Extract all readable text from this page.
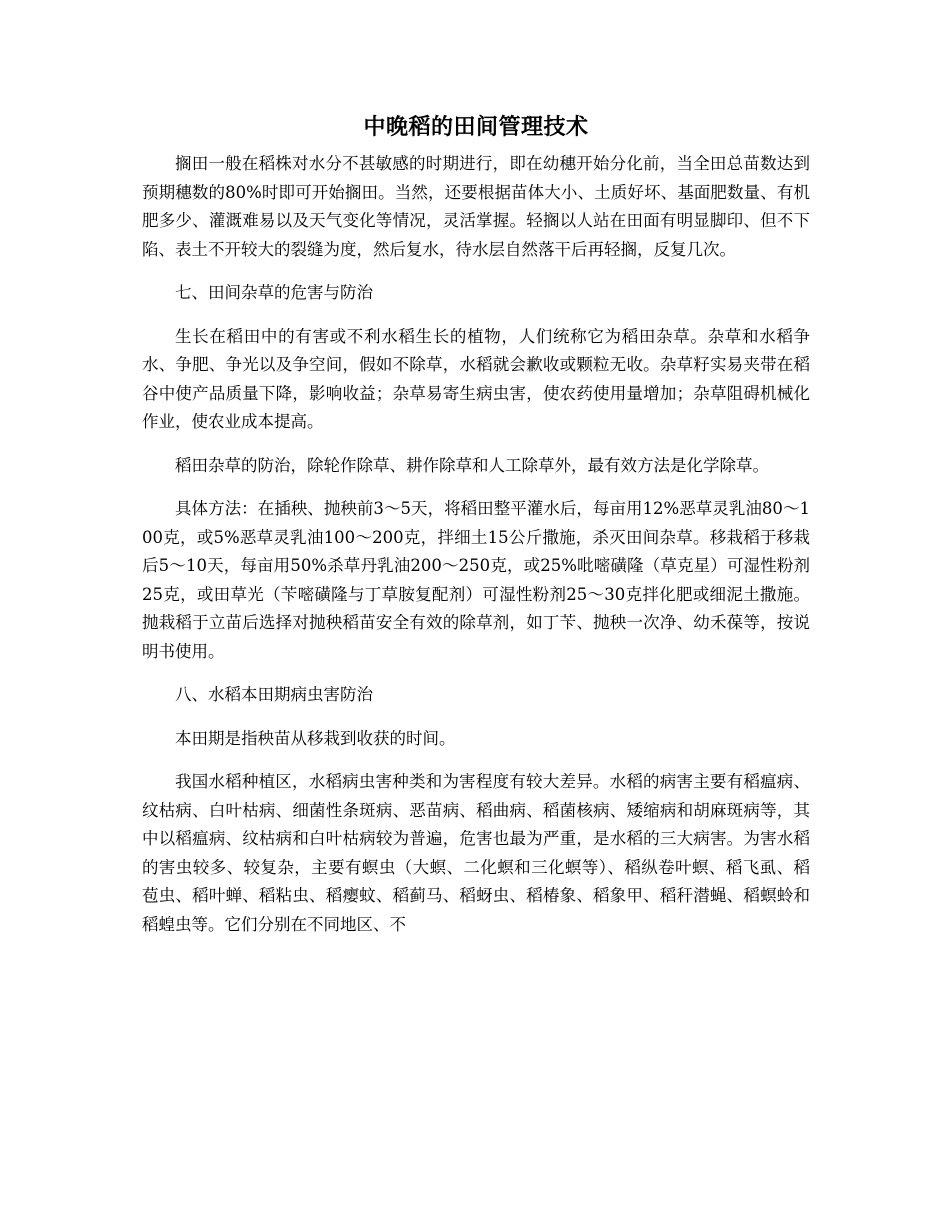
中晚稻的田间管理技术

搁田一般在稻株对水分不甚敏感的时期进行，即在幼穗开始分化前，当全田总苗数达到预期穗数的80%时即可开始搁田。当然，还要根据苗体大小、土质好坏、基面肥数量、有机肥多少、灌溉难易以及天气变化等情况，灵活掌握。轻搁以人站在田面有明显脚印、但不下陷、表土不开较大的裂缝为度，然后复水，待水层自然落干后再轻搁，反复几次。

七、田间杂草的危害与防治

生长在稻田中的有害或不利水稻生长的植物，人们统称它为稻田杂草。杂草和水稻争水、争肥、争光以及争空间，假如不除草，水稻就会歉收或颗粒无收。杂草籽实易夹带在稻谷中使产品质量下降，影响收益；杂草易寄生病虫害，使农药使用量增加；杂草阻碍机械化作业，使农业成本提高。

稻田杂草的防治，除轮作除草、耕作除草和人工除草外，最有效方法是化学除草。

具体方法：在插秧、抛秧前3～5天，将稻田整平灌水后，每亩用12%恶草灵乳油80～100克，或5%恶草灵乳油100～200克，拌细土15公斤撒施，杀灭田间杂草。移栽稻于移栽后5～10天，每亩用50%杀草丹乳油200～250克，或25%吡嘧磺隆（草克星）可湿性粉剂25克，或田草光（苄嘧磺隆与丁草胺复配剂）可湿性粉剂25～30克拌化肥或细泥土撒施。抛栽稻于立苗后选择对抛秧稻苗安全有效的除草剂，如丁苄、抛秧一次净、幼禾葆等，按说明书使用。

八、水稻本田期病虫害防治

本田期是指秧苗从移栽到收获的时间。

我国水稻种植区，水稻病虫害种类和为害程度有较大差异。水稻的病害主要有稻瘟病、纹枯病、白叶枯病、细菌性条斑病、恶苗病、稻曲病、稻菌核病、矮缩病和胡麻斑病等，其中以稻瘟病、纹枯病和白叶枯病较为普遍，危害也最为严重，是水稻的三大病害。为害水稻的害虫较多、较复杂，主要有螟虫（大螟、二化螟和三化螟等）、稻纵卷叶螟、稻飞虱、稻苞虫、稻叶蝉、稻粘虫、稻瘿蚊、稻蓟马、稻蚜虫、稻椿象、稻象甲、稻秆潜蝇、稻螟蛉和稻蝗虫等。它们分别在不同地区、不
